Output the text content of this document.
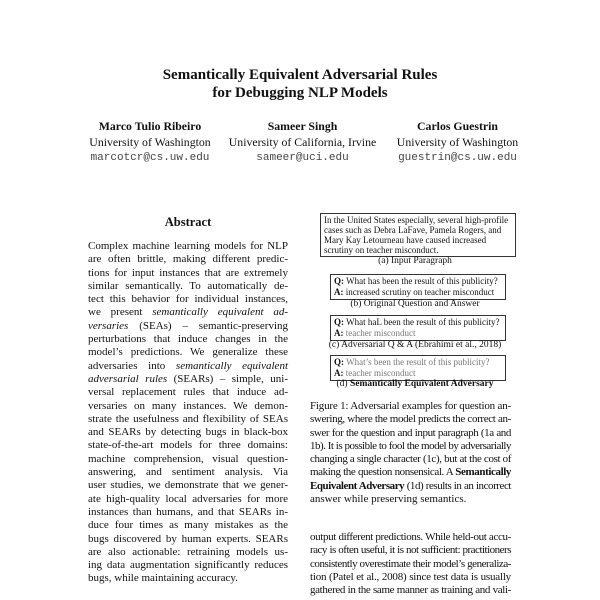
Semantically Equivalent Adversarial Rules
for Debugging NLP Models
Marco Tulio Ribeiro
University of Washington
marcotcr@cs.uw.edu
Sameer Singh
University of California, Irvine
sameer@uci.edu
Carlos Guestrin
University of Washington
guestrin@cs.uw.edu
Abstract
Complex machine learning models for NLP
are often brittle, making different predic-
tions for input instances that are extremely
similar semantically. To automatically de-
tect this behavior for individual instances,
we present semantically equivalent ad-
versaries (SEAs) – semantic-preserving
perturbations that induce changes in the
model’s predictions. We generalize these
adversaries into semantically equivalent
adversarial rules (SEARs) – simple, uni-
versal replacement rules that induce ad-
versaries on many instances. We demon-
strate the usefulness and flexibility of SEAs
and SEARs by detecting bugs in black-box
state-of-the-art models for three domains:
machine comprehension, visual question-
answering, and sentiment analysis. Via
user studies, we demonstrate that we gener-
ate high-quality local adversaries for more
instances than humans, and that SEARs in-
duce four times as many mistakes as the
bugs discovered by human experts. SEARs
are also actionable: retraining models us-
ing data augmentation significantly reduces
bugs, while maintaining accuracy.
In the United States especially, several high-profile
cases such as Debra LaFave, Pamela Rogers, and
Mary Kay Letourneau have caused increased
scrutiny on teacher misconduct.
(a) Input Paragraph
Q: What has been the result of this publicity?
A: increased scrutiny on teacher misconduct
(b) Original Question and Answer
Q: What haL been the result of this publicity?
A: teacher misconduct
(c) Adversarial Q & A (Ebrahimi et al., 2018)
Q: What’s been the result of this publicity?
A: teacher misconduct
(d) Semantically Equivalent Adversary
Figure 1: Adversarial examples for question an-
swering, where the model predicts the correct an-
swer for the question and input paragraph (1a and
1b). It is possible to fool the model by adversarially
changing a single character (1c), but at the cost of
making the question nonsensical. A Semantically
Equivalent Adversary (1d) results in an incorrect
answer while preserving semantics.
output different predictions. While held-out accu-
racy is often useful, it is not sufficient: practitioners
consistently overestimate their model’s generaliza-
tion (Patel et al., 2008) since test data is usually
gathered in the same manner as training and vali-
